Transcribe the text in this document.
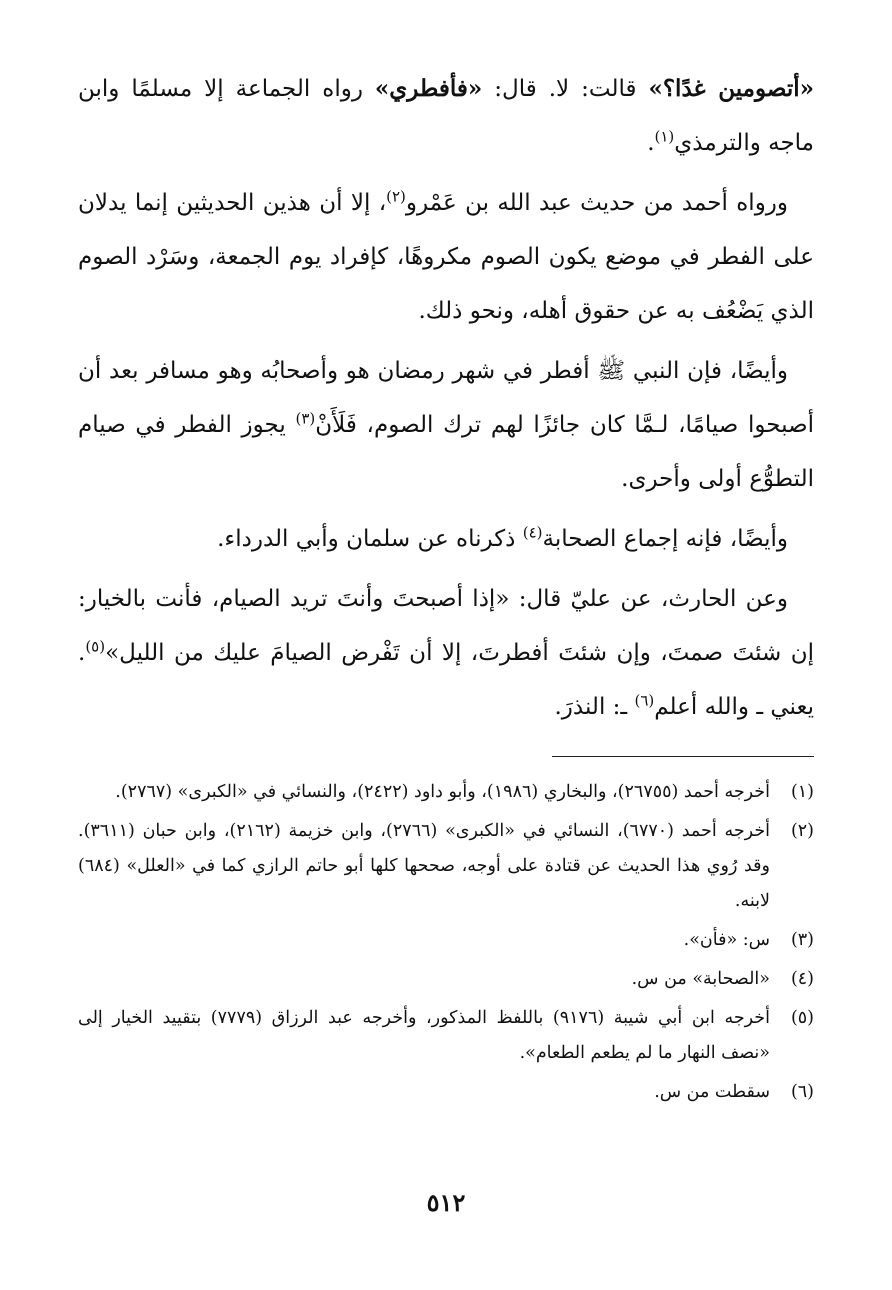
«أتصومين غدًا؟» قالت: لا. قال: «فأفطري» رواه الجماعة إلا مسلمًا وابن ماجه والترمذي$^{(١)}$.

ورواه أحمد من حديث عبد الله بن عَمْرو$^{(٢)}$، إلا أن هذين الحديثين إنما يدلان على الفطر في موضع يكون الصوم مكروهًا، كإفراد يوم الجمعة، وسَرْد الصوم الذي يَضْعُف به عن حقوق أهله، ونحو ذلك.

وأيضًا، فإن النبي ﷺ أفطر في شهر رمضان هو وأصحابُه وهو مسافر بعد أن أصبحوا صيامًا، لـمَّا كان جائزًا لهم ترك الصوم، فَلَأَنْ$^{(٣)}$ يجوز الفطر في صيام التطوُّع أولى وأحرى.

وأيضًا، فإنه إجماع الصحابة$^{(٤)}$ ذكرناه عن سلمان وأبي الدرداء.

وعن الحارث، عن عليّ قال: «إذا أصبحتَ وأنتَ تريد الصيام، فأنت بالخيار: إن شئتَ صمتَ، وإن شئتَ أفطرتَ، إلا أن تَفْرض الصيامَ عليك من الليل»$^{(٥)}$. يعني ـ والله أعلم$^{(٦)}$ ـ: النذرَ.

(١)
أخرجه أحمد (٢٦٧٥٥)، والبخاري (١٩٨٦)، وأبو داود (٢٤٢٢)، والنسائي في «الكبرى» (٢٧٦٧).
(٢)
أخرجه أحمد (٦٧٧٠)، النسائي في «الكبرى» (٢٧٦٦)، وابن خزيمة (٢١٦٢)، وابن حبان (٣٦١١). وقد رُوي هذا الحديث عن قتادة على أوجه، صححها كلها أبو حاتم الرازي كما في «العلل» (٦٨٤) لابنه.
(٣)
س: «فأن».
(٤)
«الصحابة» من س.
(٥)
أخرجه ابن أبي شيبة (٩١٧٦) باللفظ المذكور، وأخرجه عبد الرزاق (٧٧٧٩) بتقييد الخيار إلى «نصف النهار ما لم يطعم الطعام».
(٦)
سقطت من س.
٥١٢
